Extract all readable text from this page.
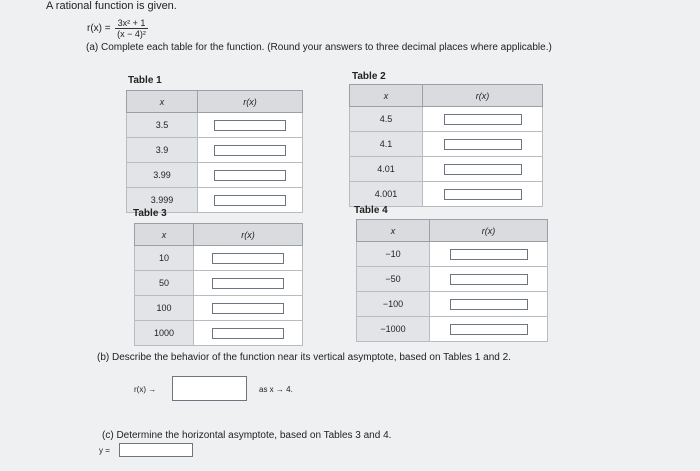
A rational function is given.
$r(x) = \frac{\text{3x² + 1}}{\text{(x − 4)²}}$
(a) Complete each table for the function. (Round your answers to three decimal places where applicable.)
Table 1
x	r(x)
3.5	
3.9	
3.99	
3.999	
Table 2
x	r(x)
4.5	
4.1	
4.01	
4.001	
Table 3
x	r(x)
10	
50	
100	
1000	
Table 4
x	r(x)
−10	
−50	
−100	
−1000	
(b) Describe the behavior of the function near its vertical asymptote, based on Tables 1 and 2.
r(x) →	as x → 4.
(c) Determine the horizontal asymptote, based on Tables 3 and 4.
y =
